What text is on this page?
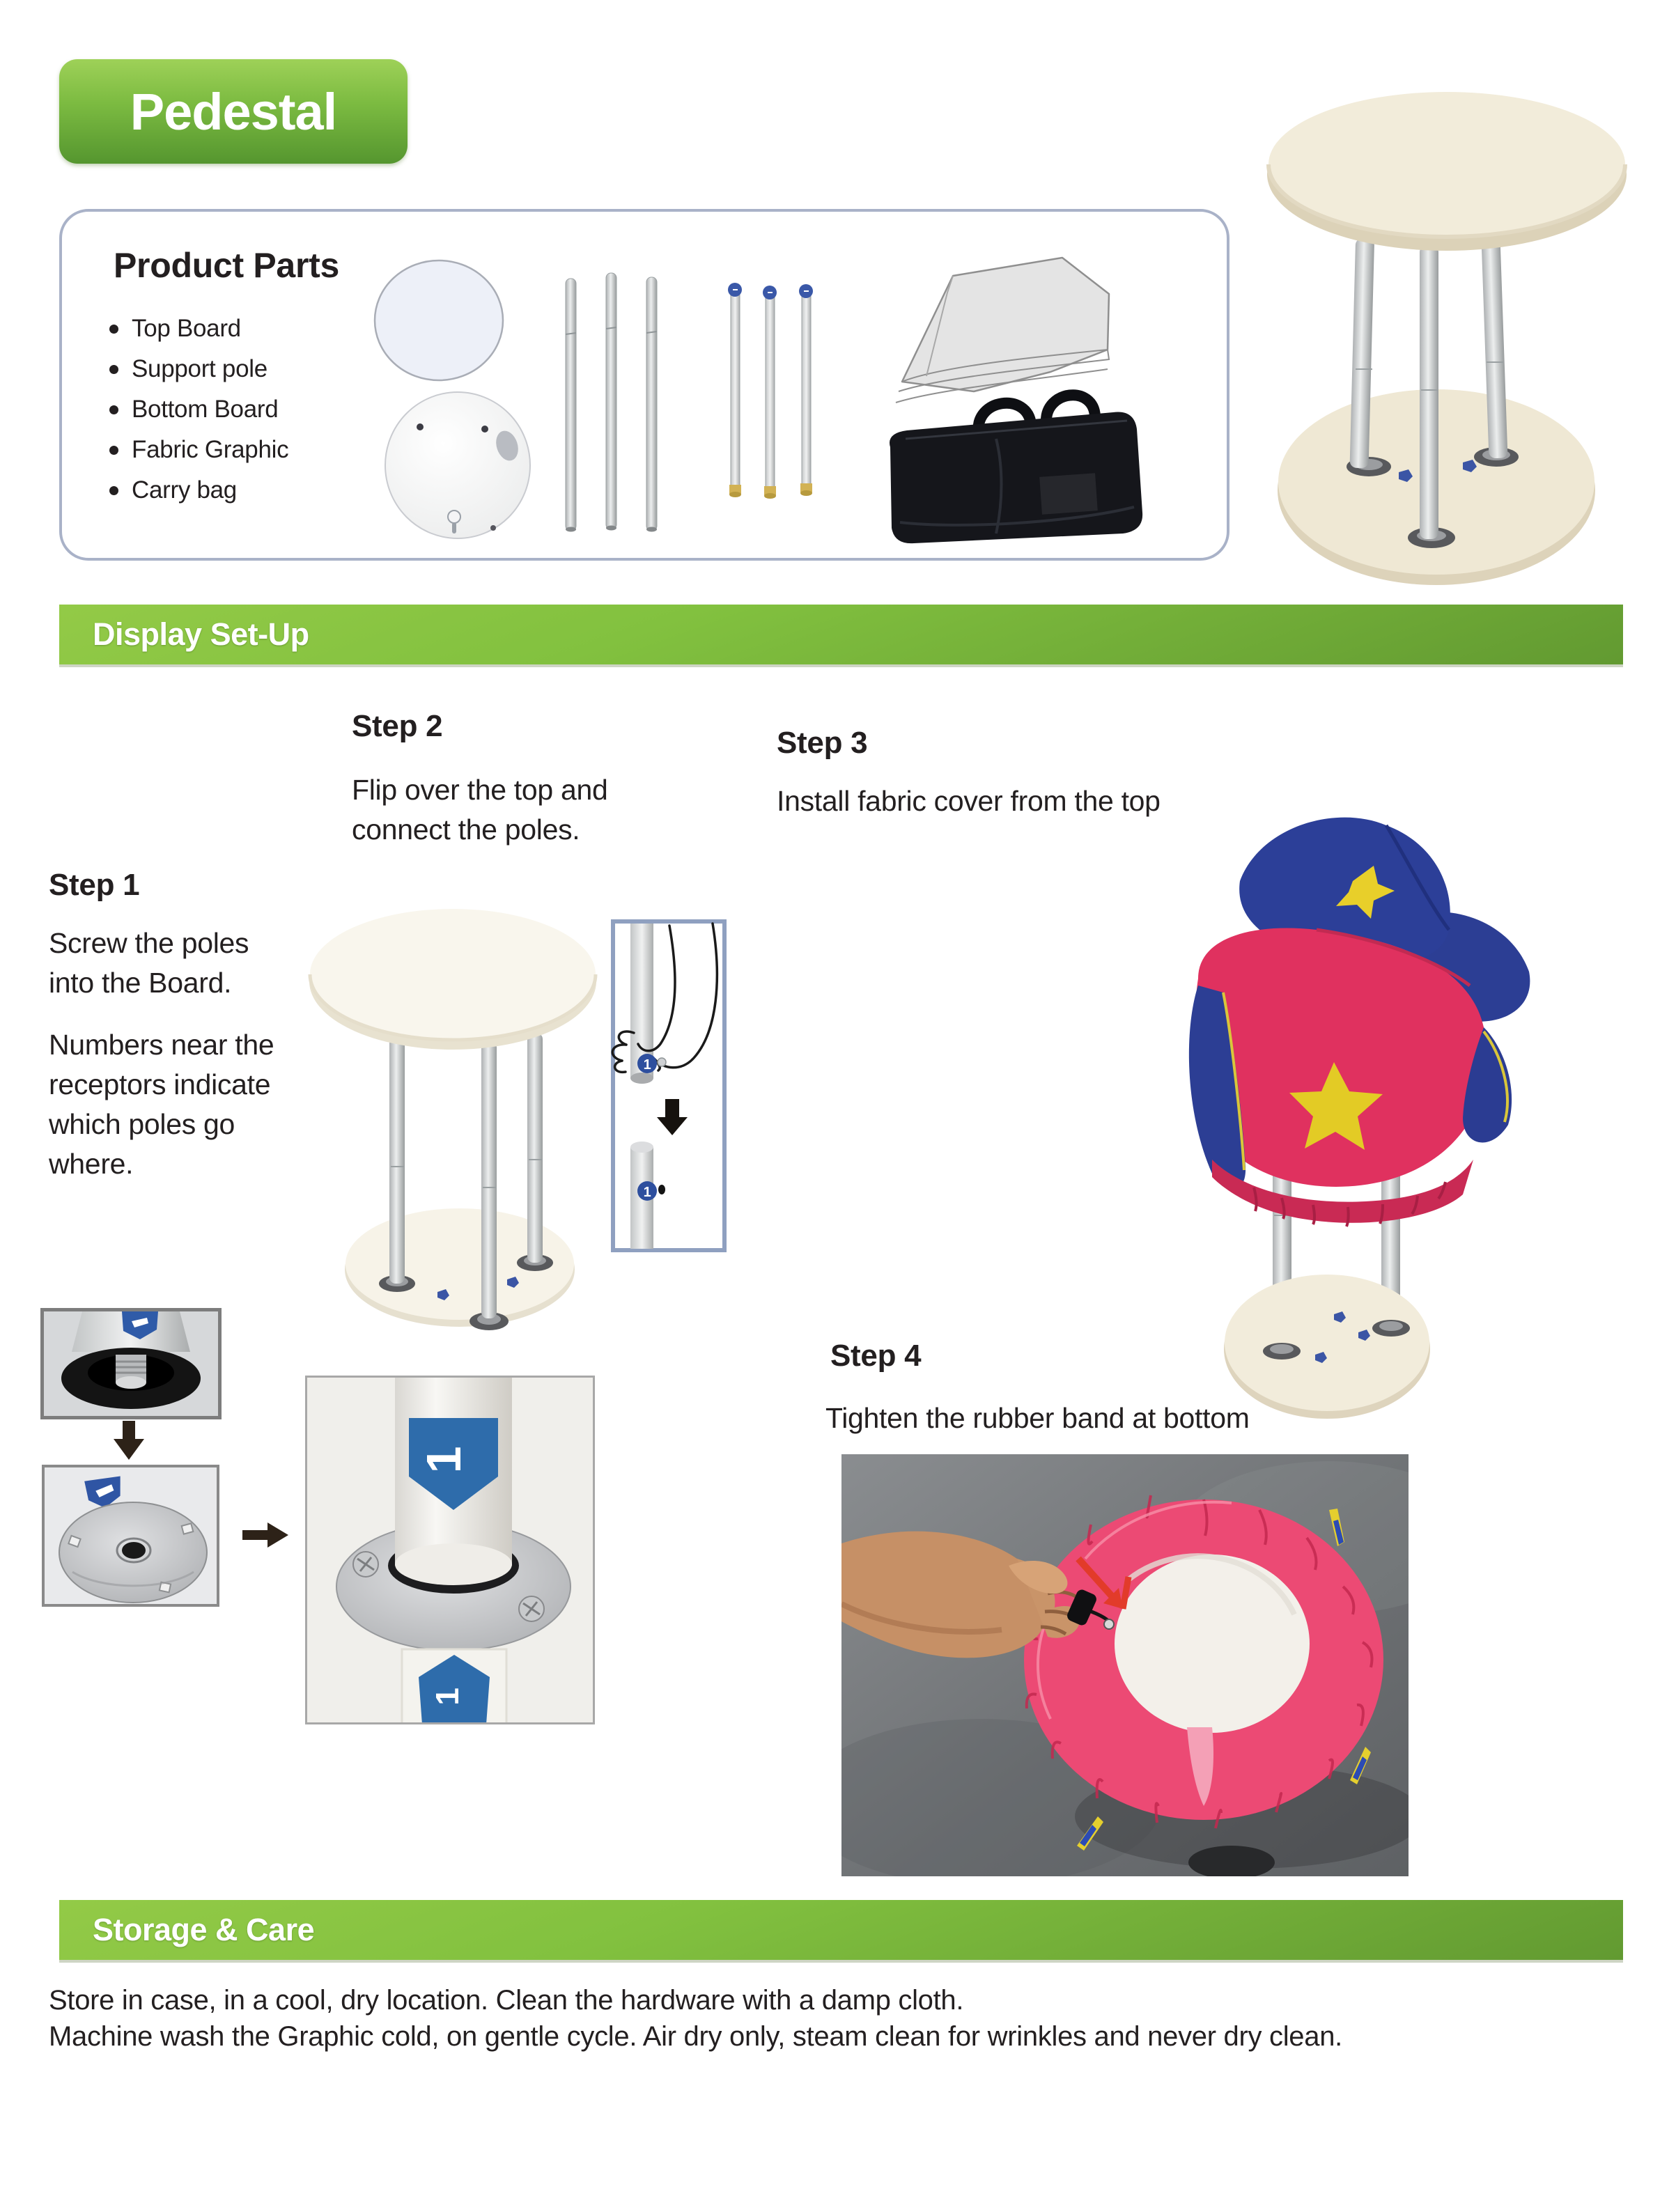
Pedestal
Product Parts
Top Board
Support pole
Bottom Board
Fabric Graphic
Carry bag
Display Set-Up
Step 2
Flip over the top and connect the poles.
Step 3
Install fabric cover from the top
Step 1
Screw the poles into the Board.
Numbers near the receptors indicate which poles go where.
Step 4
Tighten the rubber band at bottom
1
1
1
1
Storage & Care
Store in case, in a cool, dry location. Clean the hardware with a damp cloth.
Machine wash the Graphic cold, on gentle cycle. Air dry only, steam clean for wrinkles and never dry clean.
